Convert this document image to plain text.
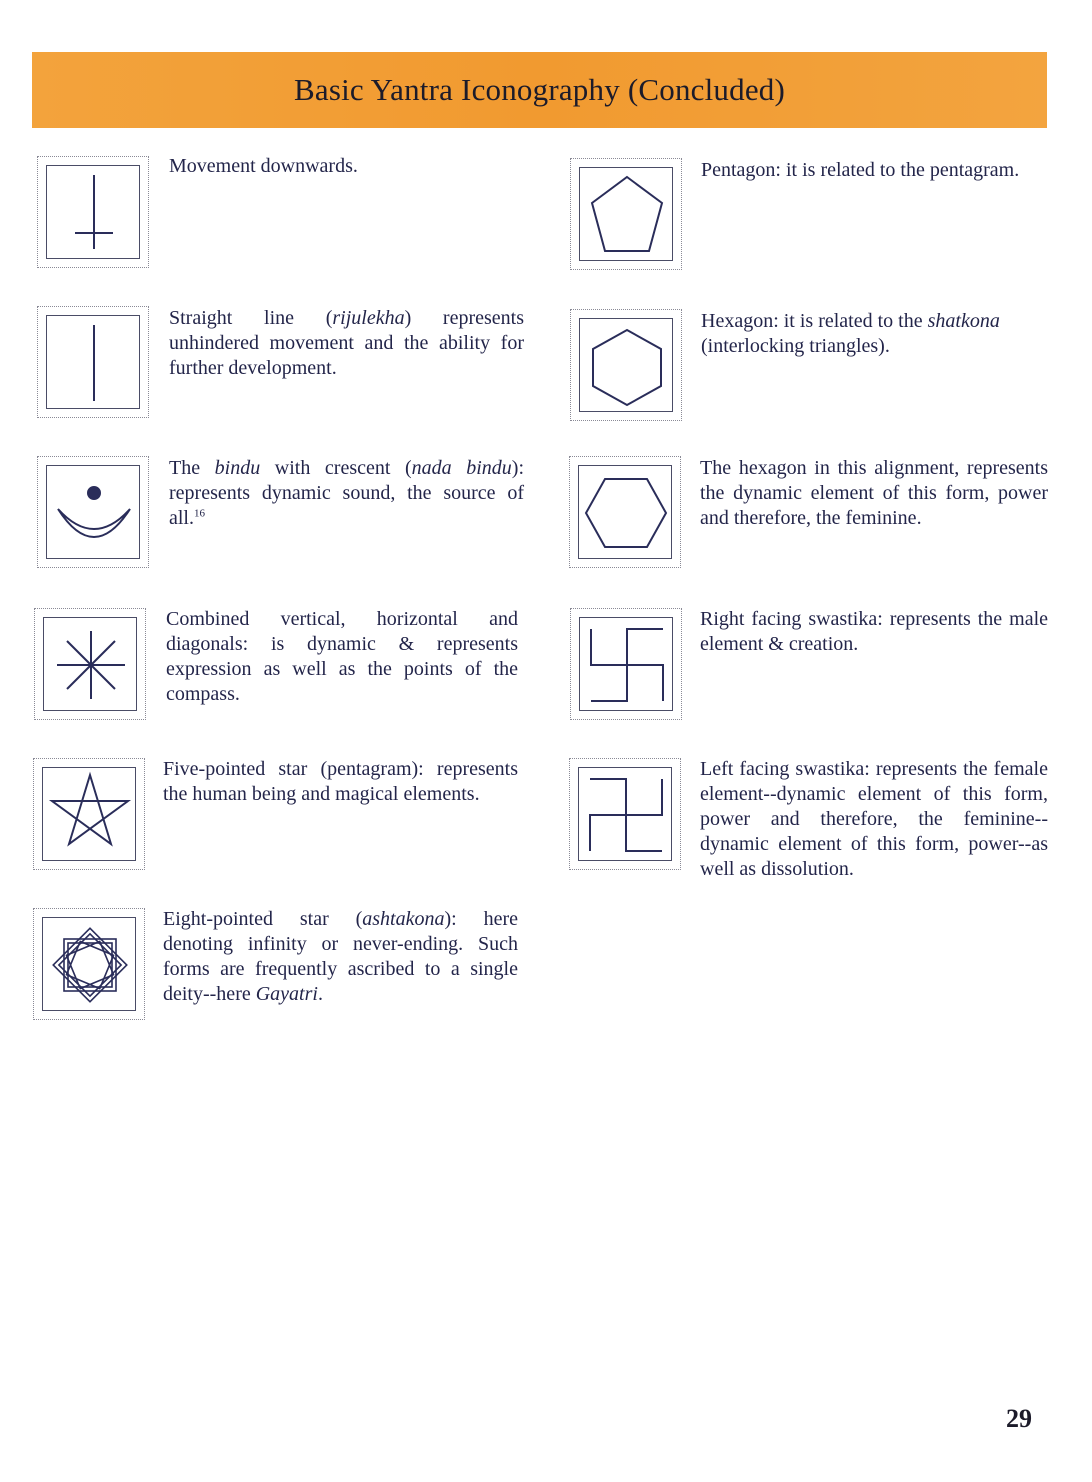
Basic Yantra Iconography (Concluded)

Movement downwards.

Straight line (rijulekha) represents unhindered movement and the ability for further development.

The bindu with crescent (nada bindu): represents dynamic sound, the source of all.$^{16}$

Combined vertical, horizontal and diagonals: is dynamic & represents expression as well as the points of the compass.

Five-pointed star (pentagram): represents the human being and magical elements.

Eight-pointed star (ashtakona): here denoting infinity or never-ending. Such forms are frequently ascribed to a single deity--here Gayatri.

Pentagon: it is related to the pentagram.

Hexagon: it is related to the shatkona (interlocking triangles).

The hexagon in this alignment, represents the dynamic element of this form, power and therefore, the feminine.

Right facing swastika: represents the male element & creation.

Left facing swastika: represents the female element--dynamic element of this form, power and therefore, the feminine--dynamic element of this form, power--as well as dissolution.

29
